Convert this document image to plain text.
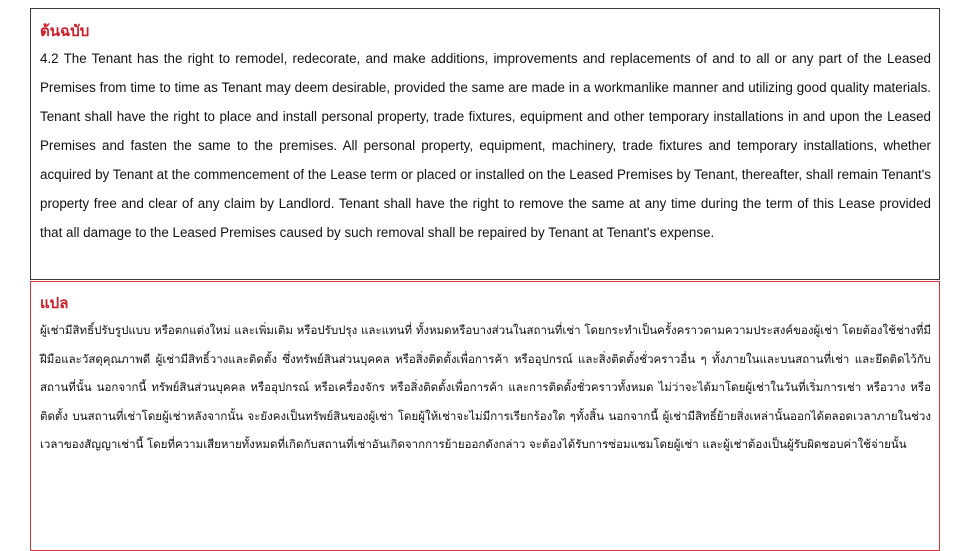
ต้นฉบับ

4.2 The Tenant has the right to remodel, redecorate, and make additions, improvements and replacements of and to all or any part of the Leased Premises from time to time as Tenant may deem desirable, provided the same are made in a workmanlike manner and utilizing good quality materials. Tenant shall have the right to place and install personal property, trade fixtures, equipment and other temporary installations in and upon the Leased Premises and fasten the same to the premises. All personal property, equipment, machinery, trade fixtures and temporary installations, whether acquired by Tenant at the commencement of the Lease term or placed or installed on the Leased Premises by Tenant, thereafter, shall remain Tenant's property free and clear of any claim by Landlord. Tenant shall have the right to remove the same at any time during the term of this Lease provided that all damage to the Leased Premises caused by such removal shall be repaired by Tenant at Tenant's expense.

แปล

ผู้เช่ามีสิทธิ์ปรับรูปแบบ หรือตกแต่งใหม่ และเพิ่มเติม หรือปรับปรุง และแทนที่ ทั้งหมดหรือบางส่วนในสถานที่เช่า โดยกระทำเป็นครั้งคราวตามความประสงค์ของผู้เช่า โดยต้องใช้ช่างที่มีฝีมือและวัสดุคุณภาพดี ผู้เช่ามีสิทธิ์วางและติดตั้ง ซึ่งทรัพย์สินส่วนบุคคล หรือสิ่งติดตั้งเพื่อการค้า หรืออุปกรณ์ และสิ่งติดตั้งชั่วคราวอื่น ๆ ทั้งภายในและบนสถานที่เช่า และยึดติดไว้กับสถานที่นั้น นอกจากนี้ ทรัพย์สินส่วนบุคคล หรืออุปกรณ์ หรือเครื่องจักร หรือสิ่งติดตั้งเพื่อการค้า และการติดตั้งชั่วคราวทั้งหมด ไม่ว่าจะได้มาโดยผู้เช่าในวันที่เริ่มการเช่า หรือวาง หรือติดตั้ง บนสถานที่เช่าโดยผู้เช่าหลังจากนั้น จะยังคงเป็นทรัพย์สินของผู้เช่า โดยผู้ให้เช่าจะไม่มีการเรียกร้องใด ๆทั้งสิ้น นอกจากนี้ ผู้เช่ามีสิทธิ์ย้ายสิ่งเหล่านั้นออกได้ตลอดเวลาภายในช่วงเวลาของสัญญาเช่านี้ โดยที่ความเสียหายทั้งหมดที่เกิดกับสถานที่เช่าอันเกิดจากการย้ายออกดังกล่าว จะต้องได้รับการซ่อมแซมโดยผู้เช่า และผู้เช่าต้องเป็นผู้รับผิดชอบค่าใช้จ่ายนั้น
